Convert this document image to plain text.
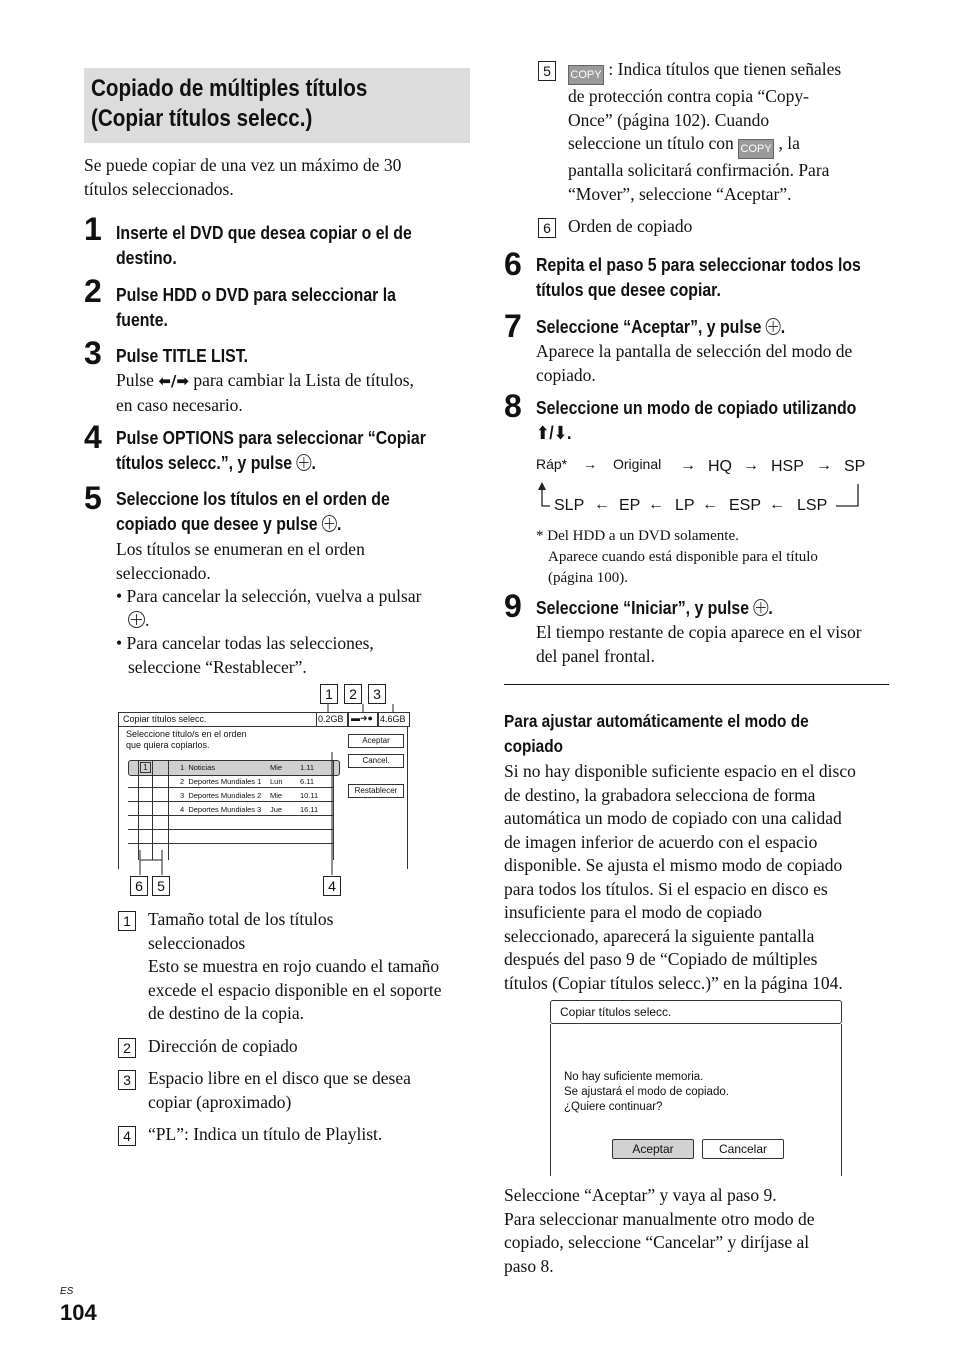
Copiado de múltiples títulos
(Copiar títulos selecc.)
Se puede copiar de una vez un máximo de 30
títulos seleccionados.
1 Inserte el DVD que desea copiar o el de
destino.
2 Pulse HDD o DVD para seleccionar la
fuente.
3 Pulse TITLE LIST.
Pulse ⬅/➡ para cambiar la Lista de títulos,
en caso necesario.
4 Pulse OPTIONS para seleccionar “Copiar
títulos selecc.”, y pulse .
5 Seleccione los títulos en el orden de
copiado que desee y pulse .
Los títulos se enumeran en el orden
seleccionado.
• Para cancelar la selección, vuelva a pulsar
.
• Para cancelar todas las selecciones,
seleccione “Restablecer”.
1 2 3
Copiar títulos selecc.	0.2GB ▬➜● 4.6GB
Seleccione título/s en el orden
que quiera copiarlos.
1	1 Noticias	Mie 1.11
2 Deportes Mundiales 1 Lun 6.11
3 Deportes Mundiales 2 Mie 10.11
4 Deportes Mundiales 3 Jue 16.11
Aceptar
Cancel.
Restablecer
6 5	4
1 Tamaño total de los títulos
seleccionados
Esto se muestra en rojo cuando el tamaño
excede el espacio disponible en el soporte
de destino de la copia.
2 Dirección de copiado
3 Espacio libre en el disco que se desea
copiar (aproximado)
4 “PL”: Indica un título de Playlist.
ES
104
5	COPY : Indica títulos que tienen señales
de protección contra copia “Copy-
Once” (página 102). Cuando
seleccione un título con COPY , la
pantalla solicitará confirmación. Para
“Mover”, seleccione “Aceptar”.
6 Orden de copiado
6 Repita el paso 5 para seleccionar todos los
títulos que desee copiar.
7 Seleccione “Aceptar”, y pulse .
Aparece la pantalla de selección del modo de
copiado.
8 Seleccione un modo de copiado utilizando
⬆/⬇.
Ráp* → Original → HQ → HSP → SP
SLP ← EP ← LP ← ESP ← LSP
* Del HDD a un DVD solamente.
Aparece cuando está disponible para el título
(página 100).
9 Seleccione “Iniciar”, y pulse .
El tiempo restante de copia aparece en el visor
del panel frontal.
Para ajustar automáticamente el modo de
copiado
Si no hay disponible suficiente espacio en el disco
de destino, la grabadora selecciona de forma
automática un modo de copiado con una calidad
de imagen inferior de acuerdo con el espacio
disponible. Se ajusta el mismo modo de copiado
para todos los títulos. Si el espacio en disco es
insuficiente para el modo de copiado
seleccionado, aparecerá la siguiente pantalla
después del paso 9 de “Copiado de múltiples
títulos (Copiar títulos selecc.)” en la página 104.
Copiar títulos selecc.
No hay suficiente memoria.
Se ajustará el modo de copiado.
¿Quiere continuar?
Aceptar	Cancelar
Seleccione “Aceptar” y vaya al paso 9.
Para seleccionar manualmente otro modo de
copiado, seleccione “Cancelar” y diríjase al
paso 8.
